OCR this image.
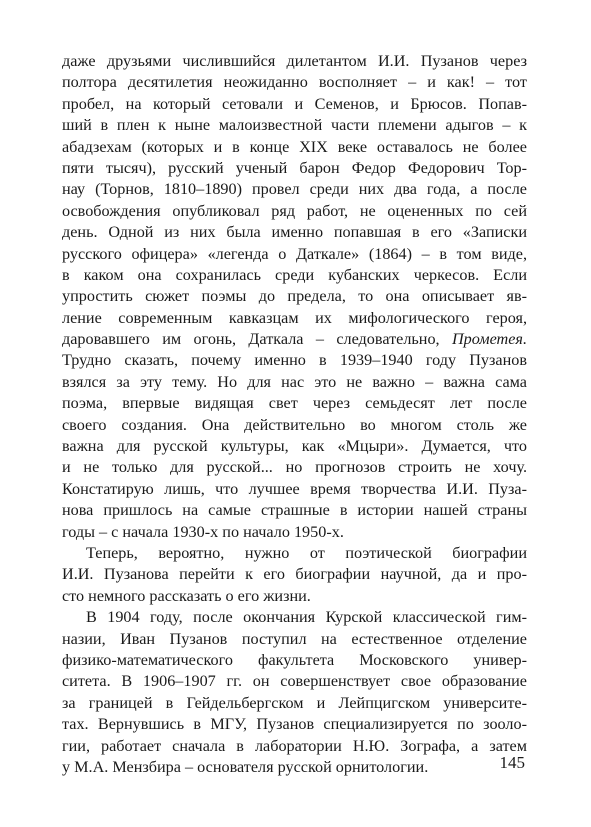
даже друзьями числившийся дилетантом И.И. Пузанов через
полтора десятилетия неожиданно восполняет – и как! – тот
пробел, на который сетовали и Семенов, и Брюсов. Попав-
ший в плен к ныне малоизвестной части племени адыгов – к
абадзехам (которых и в конце XIX веке оставалось не более
пяти тысяч), русский ученый барон Федор Федорович Тор-
нау (Торнов, 1810–1890) провел среди них два года, а после
освобождения опубликовал ряд работ, не оцененных по сей
день. Одной из них была именно попавшая в его «Записки
русского офицера» «легенда о Даткале» (1864) – в том виде,
в каком она сохранилась среди кубанских черкесов. Если
упростить сюжет поэмы до предела, то она описывает яв-
ление современным кавказцам их мифологического героя,
даровавшего им огонь, Даткала – следовательно, Прометея.
Трудно сказать, почему именно в 1939–1940 году Пузанов
взялся за эту тему. Но для нас это не важно – важна сама
поэма, впервые видящая свет через семьдесят лет после
своего создания. Она действительно во многом столь же
важна для русской культуры, как «Мцыри». Думается, что
и не только для русской... но прогнозов строить не хочу.
Констатирую лишь, что лучшее время творчества И.И. Пуза-
нова пришлось на самые страшные в истории нашей страны
годы – с начала 1930-х по начало 1950-х.
Теперь, вероятно, нужно от поэтической биографии
И.И. Пузанова перейти к его биографии научной, да и про-
сто немного рассказать о его жизни.
В 1904 году, после окончания Курской классической гим-
назии, Иван Пузанов поступил на естественное отделение
физико-математического факультета Московского универ-
ситета. В 1906–1907 гг. он совершенствует свое образование
за границей в Гейдельбергском и Лейпцигском университе-
тах. Вернувшись в МГУ, Пузанов специализируется по зооло-
гии, работает сначала в лаборатории Н.Ю. Зографа, а затем
у М.А. Мензбира – основателя русской орнитологии.	145
